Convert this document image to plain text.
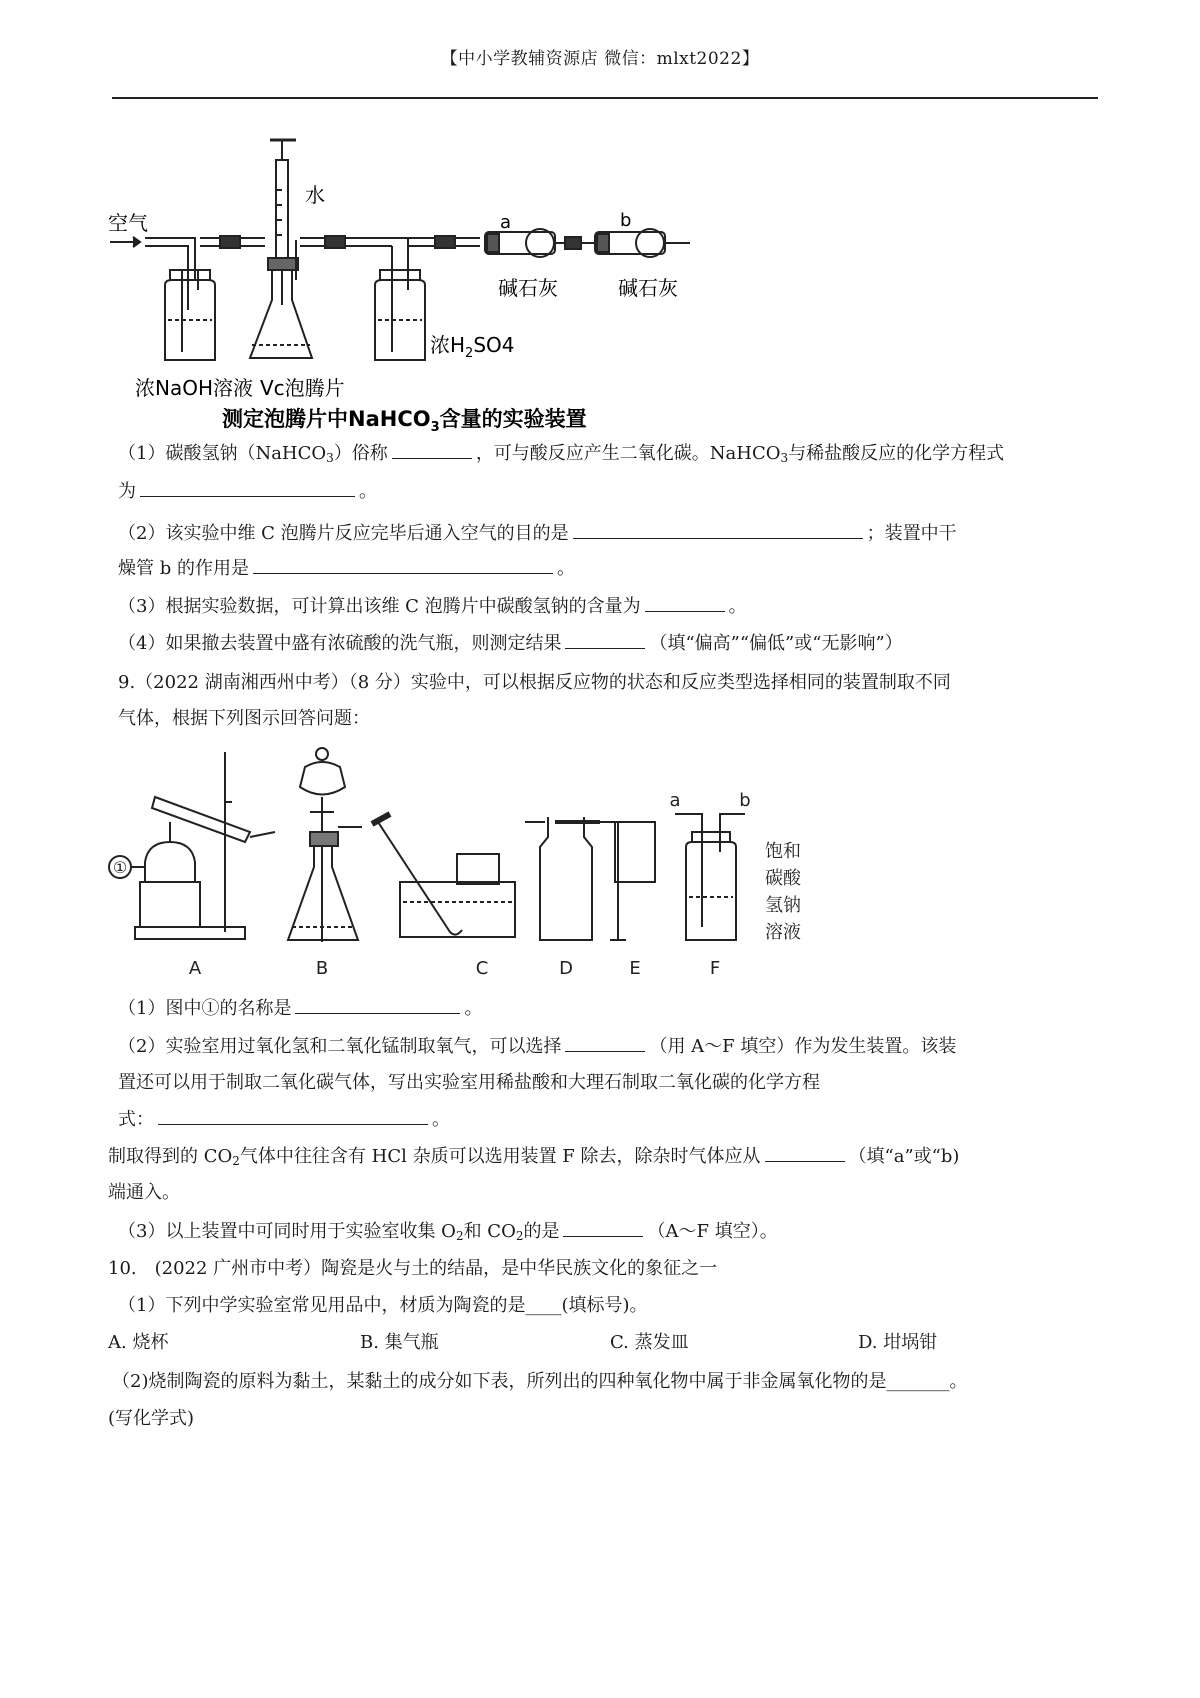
【中小学教辅资源店 微信：mlxt2022】
空气
水
a	b
碱石灰	碱石灰
浓NaOH溶液 Vc泡腾片
浓$H_2SO4$
测定泡腾片中NaHCO$_3$含量的实验装置
（1）碳酸氢钠（NaHCO$_3$）俗称	，可与酸反应产生二氧化碳。NaHCO$_3$与稀盐酸反应的化学方程式
为	。
（2）该实验中维 C 泡腾片反应完毕后通入空气的目的是	；装置中干
燥管 b 的作用是	。
（3）根据实验数据，可计算出该维 C 泡腾片中碳酸氢钠的含量为	。
（4）如果撤去装置中盛有浓硫酸的洗气瓶，则测定结果	（填“偏高”“偏低”或“无影响”）
9.（2022 湖南湘西州中考）（8 分）实验中，可以根据反应物的状态和反应类型选择相同的装置制取不同
气体，根据下列图示回答问题：
①
A	B	C	D	E	F
a	b
饱和
碳酸
氢钠
溶液
（1）图中①的名称是	。
（2）实验室用过氧化氢和二氧化锰制取氧气，可以选择	（用 A～F 填空）作为发生装置。该装
置还可以用于制取二氧化碳气体，写出实验室用稀盐酸和大理石制取二氧化碳的化学方程
式：	。
制取得到的 $CO_2$气体中往往含有 HCl 杂质可以选用装置 F 除去，除杂时气体应从	（填“a”或“b)
端通入。
（3）以上装置中可同时用于实验室收集 $O_2$和 $CO_2$的是	（A～F 填空）。
10.　(2022 广州市中考）陶瓷是火与土的结晶，是中华民族文化的象征之一
（1）下列中学实验室常见用品中，材质为陶瓷的是____(填标号)。
A. 烧杯	B. 集气瓶	C. 蒸发皿	D. 坩埚钳
（2)烧制陶瓷的原料为黏土，某黏土的成分如下表，所列出的四种氧化物中属于非金属氧化物的是_______。
(写化学式)
